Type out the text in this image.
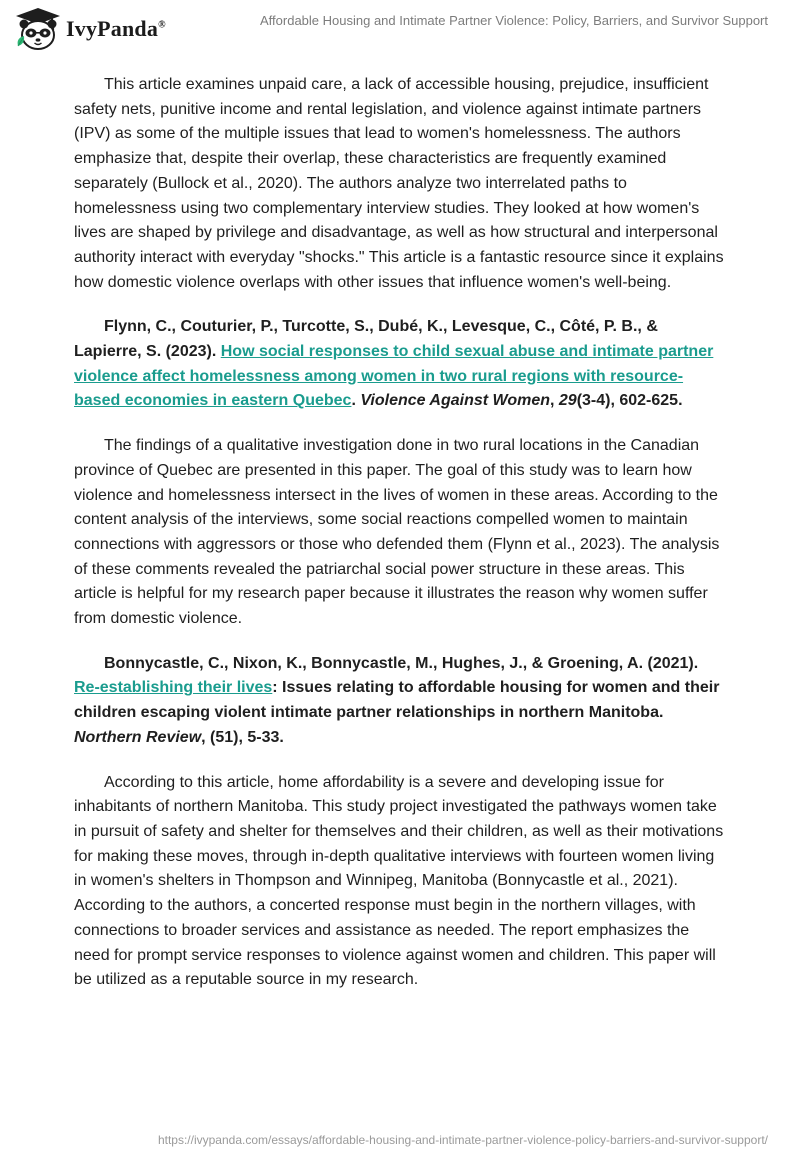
IvyPanda®	Affordable Housing and Intimate Partner Violence: Policy, Barriers, and Survivor Support

This article examines unpaid care, a lack of accessible housing, prejudice, insufficient safety nets, punitive income and rental legislation, and violence against intimate partners (IPV) as some of the multiple issues that lead to women's homelessness. The authors emphasize that, despite their overlap, these characteristics are frequently examined separately (Bullock et al., 2020). The authors analyze two interrelated paths to homelessness using two complementary interview studies. They looked at how women's lives are shaped by privilege and disadvantage, as well as how structural and interpersonal authority interact with everyday "shocks." This article is a fantastic resource since it explains how domestic violence overlaps with other issues that influence women's well-being.

Flynn, C., Couturier, P., Turcotte, S., Dubé, K., Levesque, C., Côté, P. B., & Lapierre, S. (2023). How social responses to child sexual abuse and intimate partner violence affect homelessness among women in two rural regions with resource-based economies in eastern Quebec. Violence Against Women, 29(3-4), 602-625.

The findings of a qualitative investigation done in two rural locations in the Canadian province of Quebec are presented in this paper. The goal of this study was to learn how violence and homelessness intersect in the lives of women in these areas. According to the content analysis of the interviews, some social reactions compelled women to maintain connections with aggressors or those who defended them (Flynn et al., 2023). The analysis of these comments revealed the patriarchal social power structure in these areas. This article is helpful for my research paper because it illustrates the reason why women suffer from domestic violence.

Bonnycastle, C., Nixon, K., Bonnycastle, M., Hughes, J., & Groening, A. (2021). Re-establishing their lives: Issues relating to affordable housing for women and their children escaping violent intimate partner relationships in northern Manitoba. Northern Review, (51), 5-33.

According to this article, home affordability is a severe and developing issue for inhabitants of northern Manitoba. This study project investigated the pathways women take in pursuit of safety and shelter for themselves and their children, as well as their motivations for making these moves, through in-depth qualitative interviews with fourteen women living in women's shelters in Thompson and Winnipeg, Manitoba (Bonnycastle et al., 2021). According to the authors, a concerted response must begin in the northern villages, with connections to broader services and assistance as needed. The report emphasizes the need for prompt service responses to violence against women and children. This paper will be utilized as a reputable source in my research.

https://ivypanda.com/essays/affordable-housing-and-intimate-partner-violence-policy-barriers-and-survivor-support/
